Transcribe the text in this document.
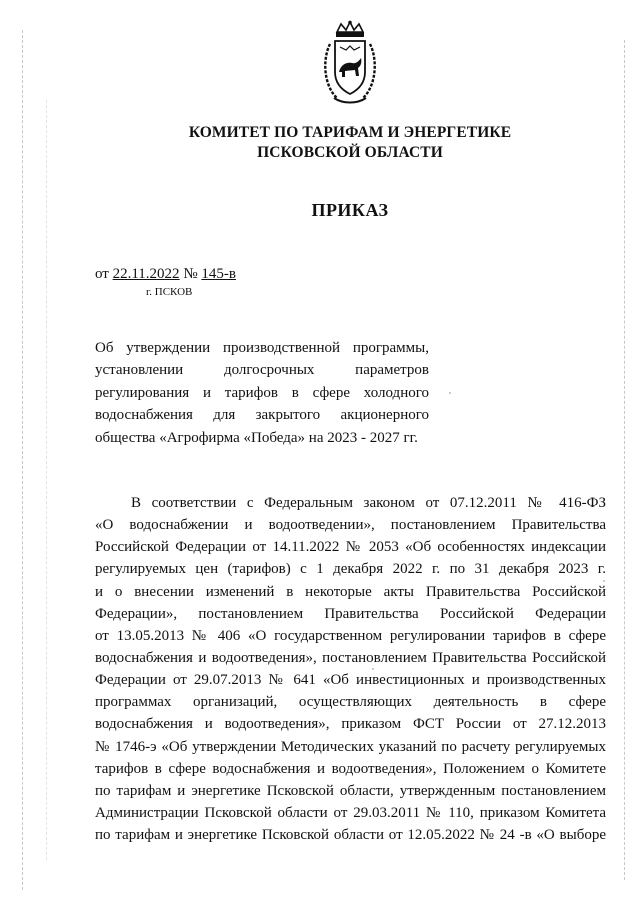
КОМИТЕТ ПО ТАРИФАМ И ЭНЕРГЕТИКЕ
ПСКОВСКОЙ ОБЛАСТИ
ПРИКАЗ
от 22.11.2022 № 145-в
г. ПСКОВ
Об утверждении производственной программы,
установлении долгосрочных параметров
регулирования и тарифов в сфере холодного
водоснабжения для закрытого акционерного
общества «Агрофирма «Победа» на 2023 - 2027 гг.
В соответствии с Федеральным законом от 07.12.2011 № 416-ФЗ
«О водоснабжении и водоотведении», постановлением Правительства
Российской Федерации от 14.11.2022 № 2053 «Об особенностях индексации
регулируемых цен (тарифов) с 1 декабря 2022 г. по 31 декабря 2023 г.
и о внесении изменений в некоторые акты Правительства Российской
Федерации», постановлением Правительства Российской Федерации
от 13.05.2013 № 406 «О государственном регулировании тарифов в сфере
водоснабжения и водоотведения», постановлением Правительства Российской
Федерации от 29.07.2013 № 641 «Об инвестиционных и производственных
программах организаций, осуществляющих деятельность в сфере
водоснабжения и водоотведения», приказом ФСТ России от 27.12.2013
№ 1746-э «Об утверждении Методических указаний по расчету регулируемых
тарифов в сфере водоснабжения и водоотведения», Положением о Комитете
по тарифам и энергетике Псковской области, утвержденным постановлением
Администрации Псковской области от 29.03.2011 № 110, приказом Комитета
по тарифам и энергетике Псковской области от 12.05.2022 № 24 -в «О выборе
